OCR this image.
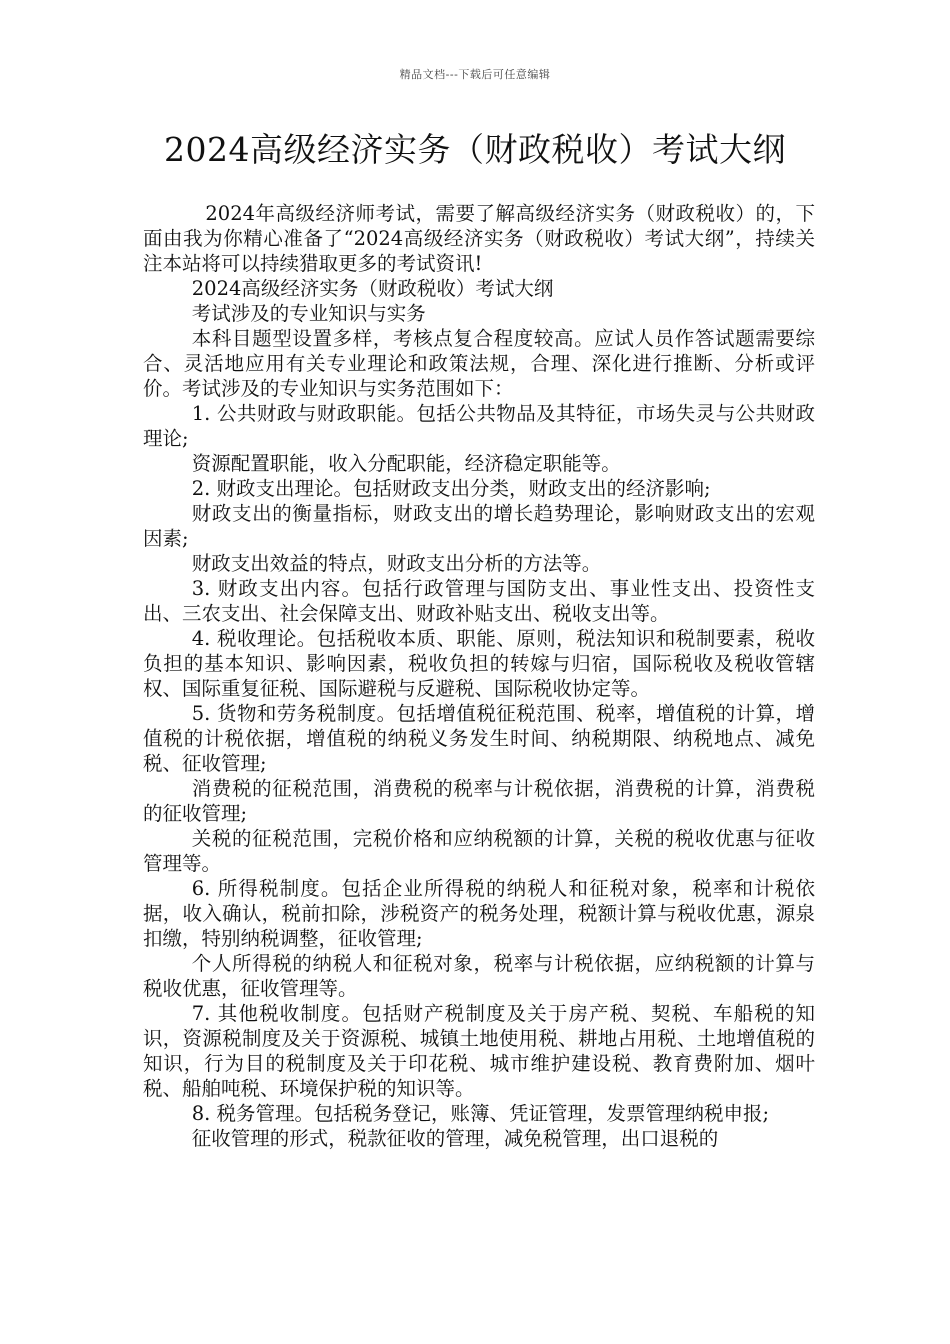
精品文档---下载后可任意编辑
2024高级经济实务（财政税收）考试大纲

2024年高级经济师考试，需要了解高级经济实务（财政税收）的，下面由我为你精心准备了“2024高级经济实务（财政税收）考试大纲”，持续关注本站将可以持续猎取更多的考试资讯!

2024高级经济实务（财政税收）考试大纲

考试涉及的专业知识与实务

本科目题型设置多样，考核点复合程度较高。应试人员作答试题需要综合、灵活地应用有关专业理论和政策法规，合理、深化进行推断、分析或评价。考试涉及的专业知识与实务范围如下：

1. 公共财政与财政职能。包括公共物品及其特征，市场失灵与公共财政理论;

资源配置职能，收入分配职能，经济稳定职能等。

2. 财政支出理论。包括财政支出分类，财政支出的经济影响;

财政支出的衡量指标，财政支出的增长趋势理论，影响财政支出的宏观因素;

财政支出效益的特点，财政支出分析的方法等。

3. 财政支出内容。包括行政管理与国防支出、事业性支出、投资性支出、三农支出、社会保障支出、财政补贴支出、税收支出等。

4. 税收理论。包括税收本质、职能、原则，税法知识和税制要素，税收负担的基本知识、影响因素，税收负担的转嫁与归宿，国际税收及税收管辖权、国际重复征税、国际避税与反避税、国际税收协定等。

5. 货物和劳务税制度。包括增值税征税范围、税率，增值税的计算，增值税的计税依据，增值税的纳税义务发生时间、纳税期限、纳税地点、减免税、征收管理;

消费税的征税范围，消费税的税率与计税依据，消费税的计算，消费税的征收管理;

关税的征税范围，完税价格和应纳税额的计算，关税的税收优惠与征收管理等。

6. 所得税制度。包括企业所得税的纳税人和征税对象，税率和计税依据，收入确认，税前扣除，涉税资产的税务处理，税额计算与税收优惠，源泉扣缴，特别纳税调整，征收管理;

个人所得税的纳税人和征税对象，税率与计税依据，应纳税额的计算与税收优惠，征收管理等。

7. 其他税收制度。包括财产税制度及关于房产税、契税、车船税的知识，资源税制度及关于资源税、城镇土地使用税、耕地占用税、土地增值税的知识，行为目的税制度及关于印花税、城市维护建设税、教育费附加、烟叶税、船舶吨税、环境保护税的知识等。

8. 税务管理。包括税务登记，账簿、凭证管理，发票管理纳税申报;

征收管理的形式，税款征收的管理，减免税管理，出口退税的
